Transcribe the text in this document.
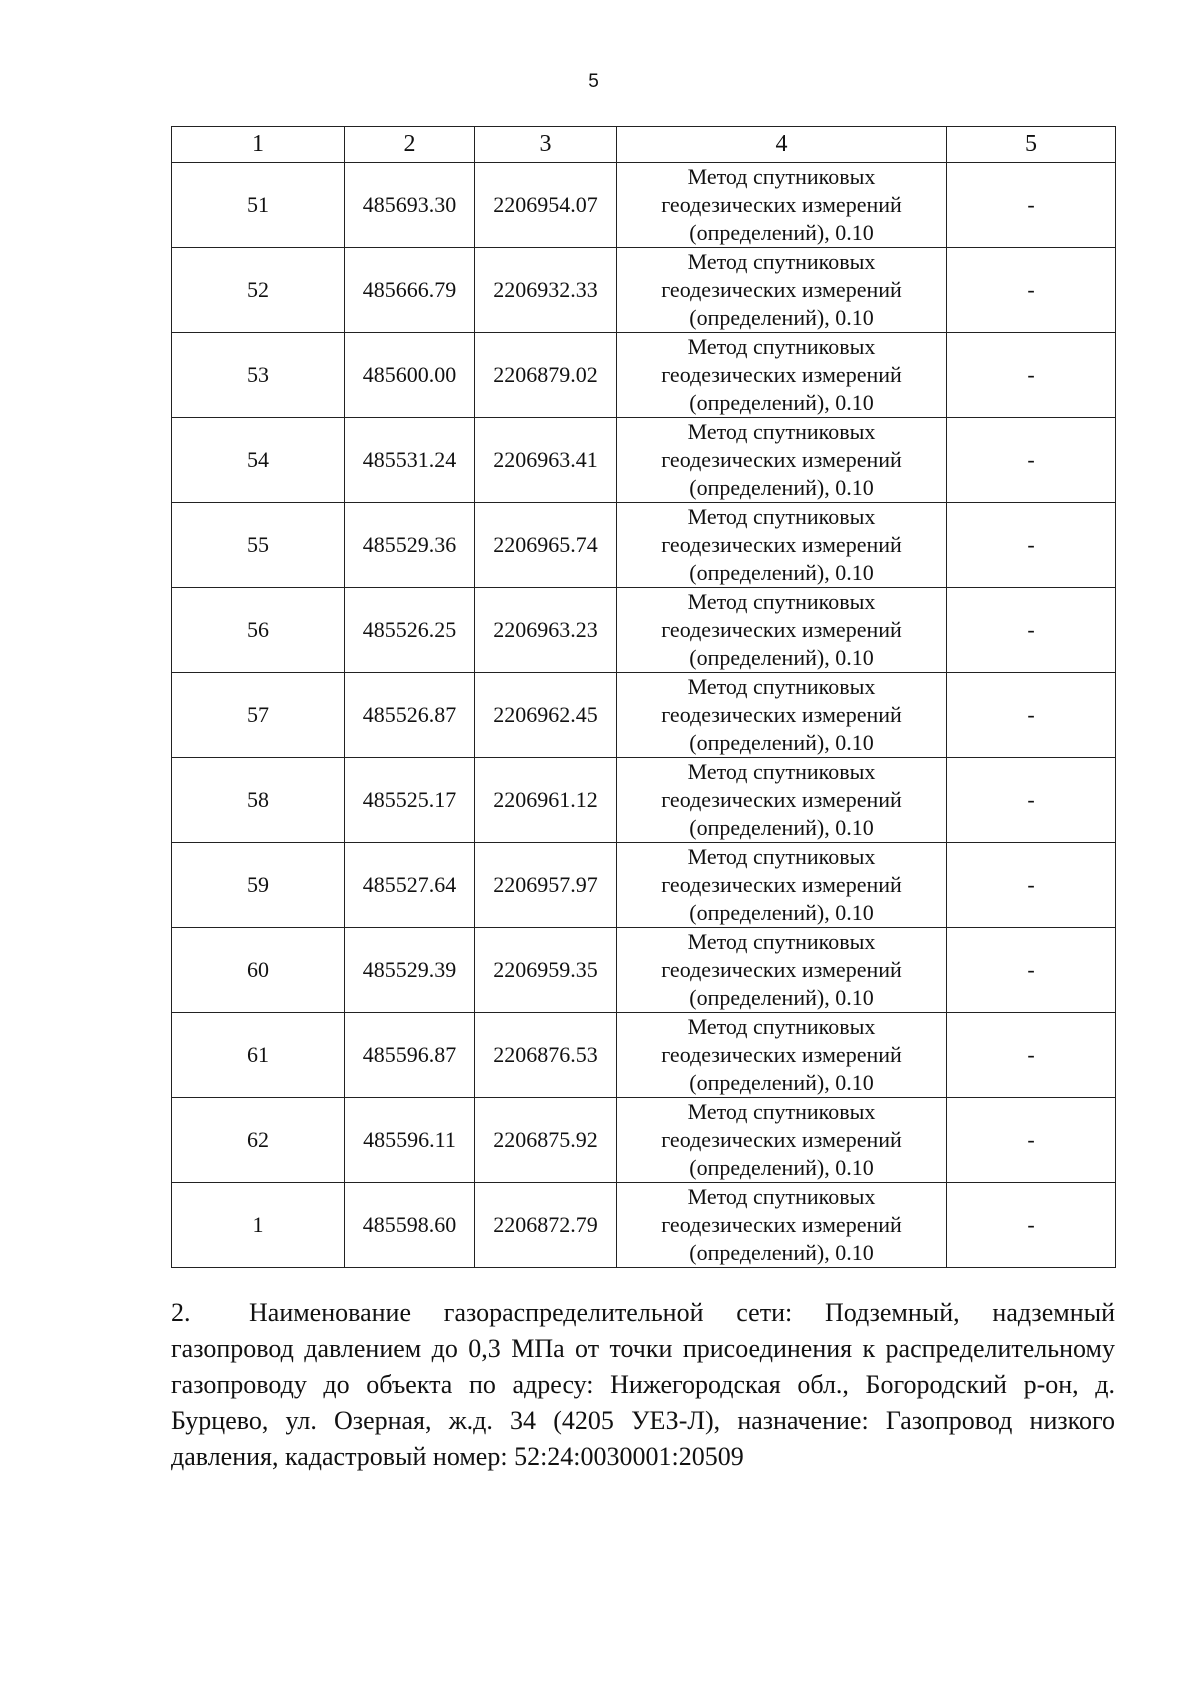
5
1	2	3	4	5
51	485693.30	2206954.07	Метод спутниковых
геодезических измерений
(определений), 0.10	-
52	485666.79	2206932.33	Метод спутниковых
геодезических измерений
(определений), 0.10	-
53	485600.00	2206879.02	Метод спутниковых
геодезических измерений
(определений), 0.10	-
54	485531.24	2206963.41	Метод спутниковых
геодезических измерений
(определений), 0.10	-
55	485529.36	2206965.74	Метод спутниковых
геодезических измерений
(определений), 0.10	-
56	485526.25	2206963.23	Метод спутниковых
геодезических измерений
(определений), 0.10	-
57	485526.87	2206962.45	Метод спутниковых
геодезических измерений
(определений), 0.10	-
58	485525.17	2206961.12	Метод спутниковых
геодезических измерений
(определений), 0.10	-
59	485527.64	2206957.97	Метод спутниковых
геодезических измерений
(определений), 0.10	-
60	485529.39	2206959.35	Метод спутниковых
геодезических измерений
(определений), 0.10	-
61	485596.87	2206876.53	Метод спутниковых
геодезических измерений
(определений), 0.10	-
62	485596.11	2206875.92	Метод спутниковых
геодезических измерений
(определений), 0.10	-
1	485598.60	2206872.79	Метод спутниковых
геодезических измерений
(определений), 0.10	-
2. Наименование газораспределительной сети: Подземный, надземный газопровод давлением до 0,3 МПа от точки присоединения к распределительному газопроводу до объекта по адресу: Нижегородская обл., Богородский р-он, д. Бурцево, ул. Озерная, ж.д. 34 (4205 УЕЗ-Л), назначение: Газопровод низкого давления, кадастровый номер: 52:24:0030001:20509
